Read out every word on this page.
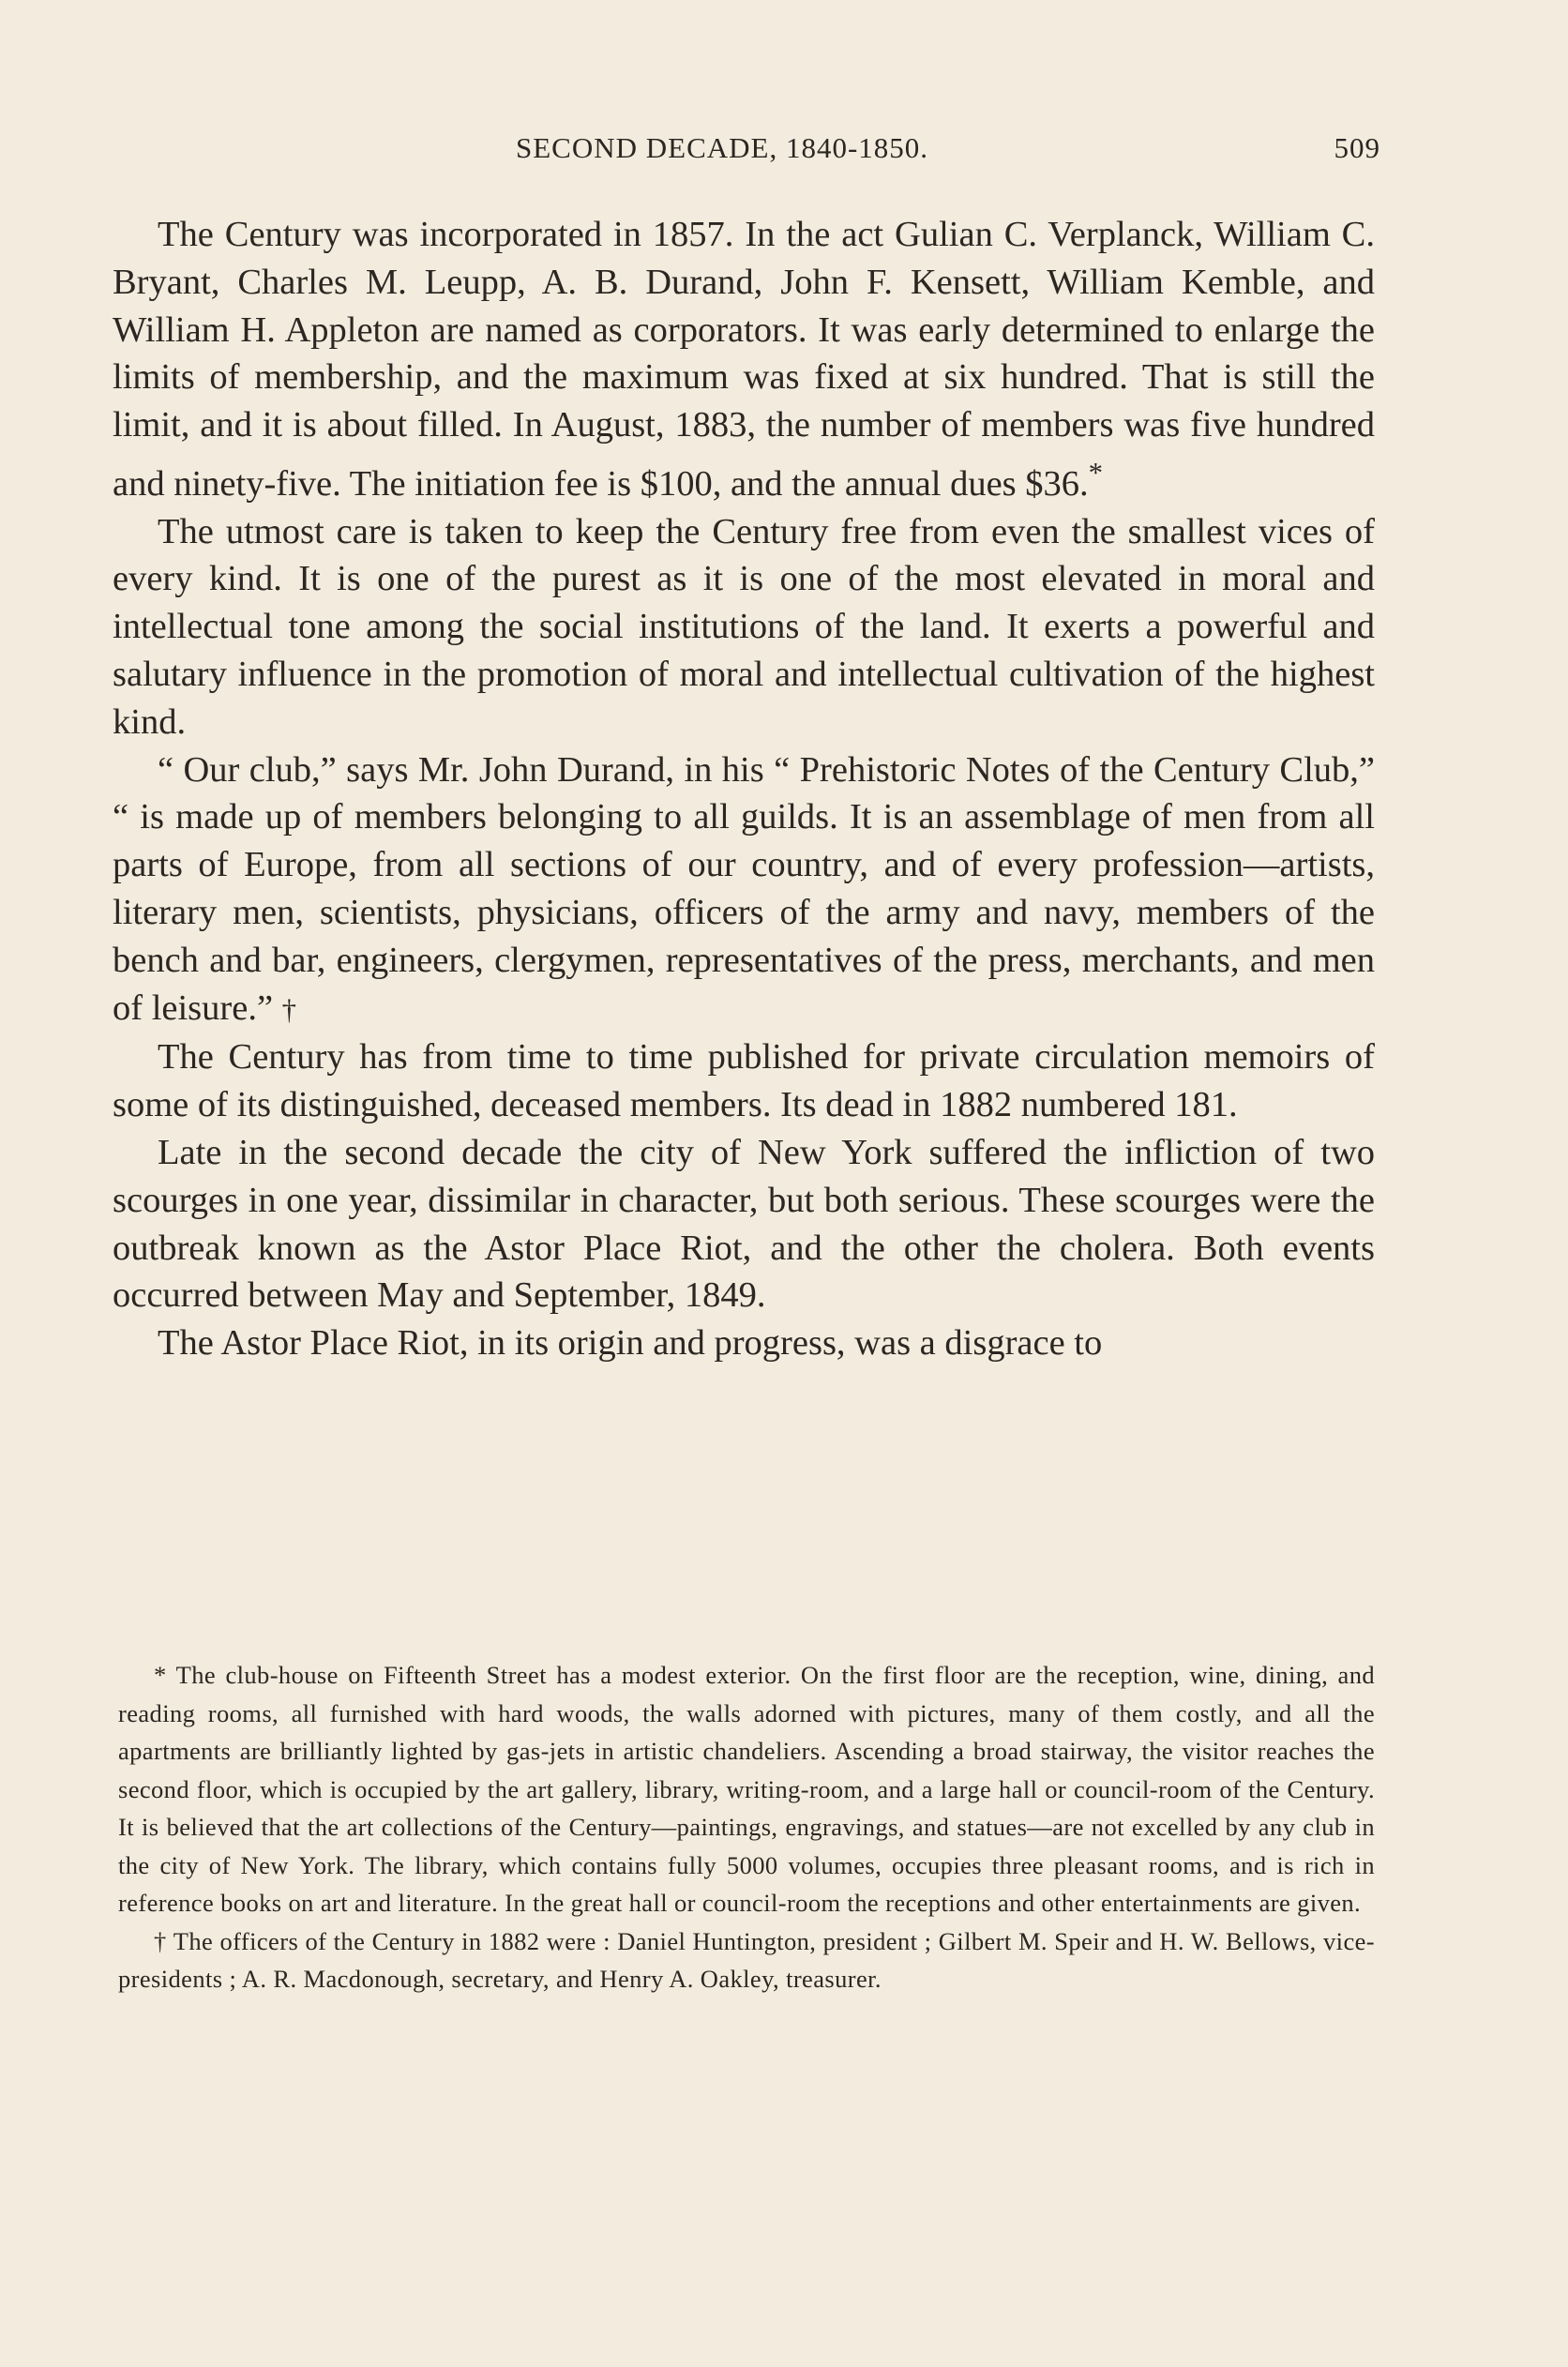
SECOND DECADE, 1840-1850.	509

The Century was incorporated in 1857. In the act Gulian C. Verplanck, William C. Bryant, Charles M. Leupp, A. B. Durand, John F. Kensett, William Kemble, and William H. Appleton are named as corporators. It was early determined to enlarge the limits of membership, and the maximum was fixed at six hundred. That is still the limit, and it is about filled. In August, 1883, the number of members was five hundred and ninety-five. The initiation fee is $100, and the annual dues $36.*

The utmost care is taken to keep the Century free from even the smallest vices of every kind. It is one of the purest as it is one of the most elevated in moral and intellectual tone among the social institutions of the land. It exerts a powerful and salutary influence in the promotion of moral and intellectual cultivation of the highest kind.

“ Our club,” says Mr. John Durand, in his “ Prehistoric Notes of the Century Club,” “ is made up of members belonging to all guilds. It is an assemblage of men from all parts of Europe, from all sections of our country, and of every profession—artists, literary men, scientists, physicians, officers of the army and navy, members of the bench and bar, engineers, clergymen, representatives of the press, merchants, and men of leisure.” †

The Century has from time to time published for private circulation memoirs of some of its distinguished, deceased members. Its dead in 1882 numbered 181.

Late in the second decade the city of New York suffered the infliction of two scourges in one year, dissimilar in character, but both serious. These scourges were the outbreak known as the Astor Place Riot, and the other the cholera. Both events occurred between May and September, 1849.

The Astor Place Riot, in its origin and progress, was a disgrace to

* The club-house on Fifteenth Street has a modest exterior. On the first floor are the reception, wine, dining, and reading rooms, all furnished with hard woods, the walls adorned with pictures, many of them costly, and all the apartments are brilliantly lighted by gas-jets in artistic chandeliers. Ascending a broad stairway, the visitor reaches the second floor, which is occupied by the art gallery, library, writing-room, and a large hall or council-room of the Century. It is believed that the art collections of the Century—paintings, engravings, and statues—are not excelled by any club in the city of New York. The library, which contains fully 5000 volumes, occupies three pleasant rooms, and is rich in reference books on art and literature. In the great hall or council-room the receptions and other entertainments are given.

† The officers of the Century in 1882 were : Daniel Huntington, president ; Gilbert M. Speir and H. W. Bellows, vice-presidents ; A. R. Macdonough, secretary, and Henry A. Oakley, treasurer.
